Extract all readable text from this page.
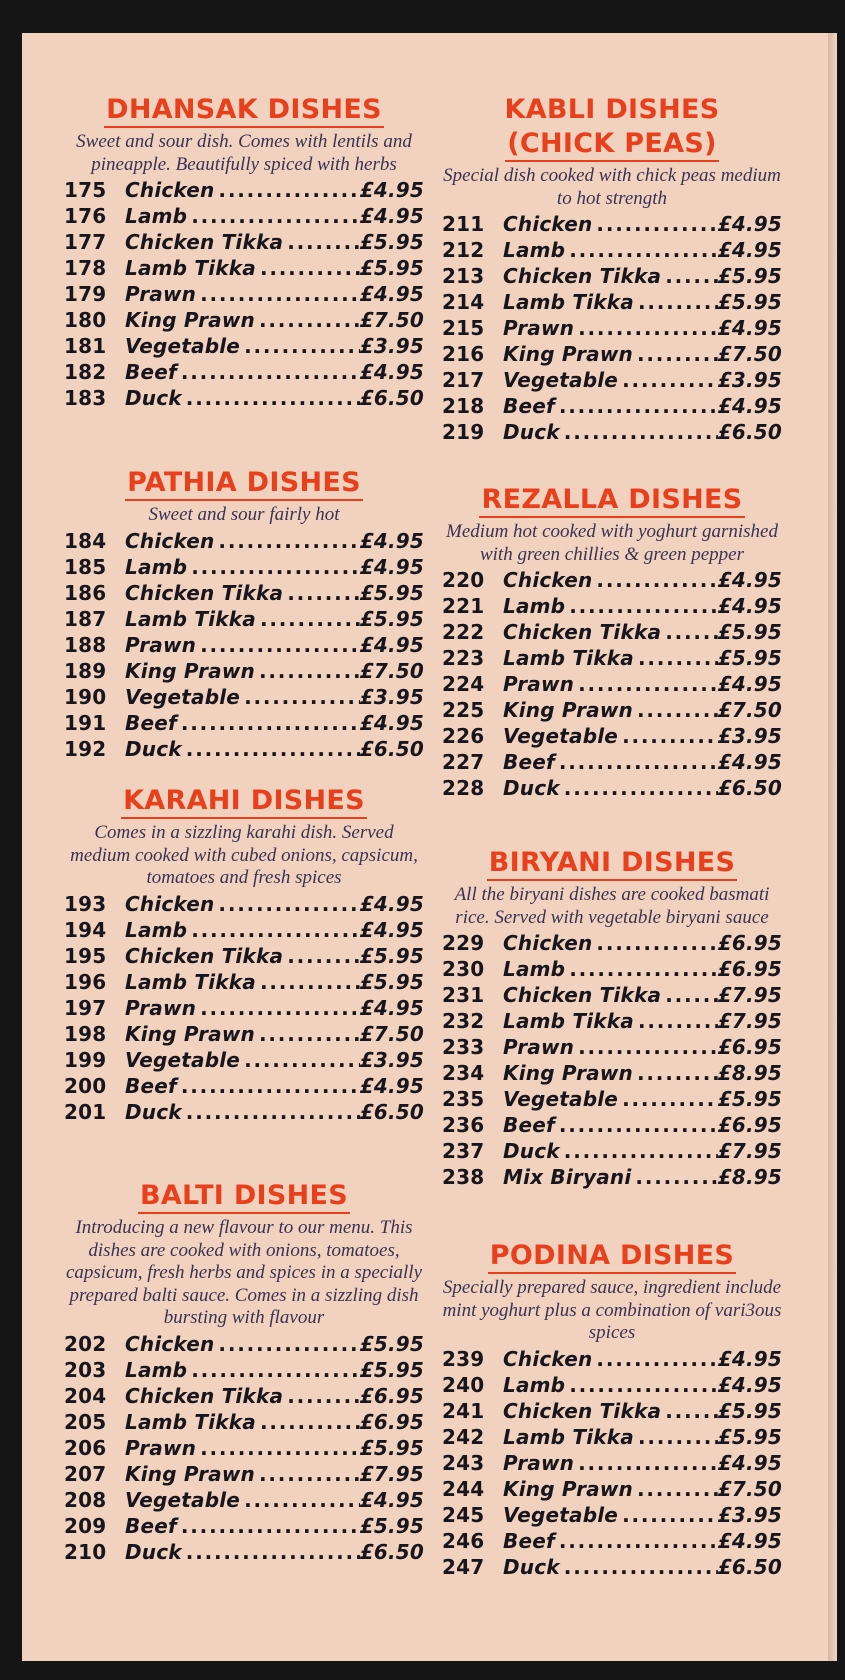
DHANSAK DISHES
Sweet and sour dish. Comes with lentils and pineapple. Beautifully spiced with herbs
175 Chicken .....	£4.95
176 Lamb .....	£4.95
177 Chicken Tikka .....	£5.95
178 Lamb Tikka .....	£5.95
179 Prawn .....	£4.95
180 King Prawn .....	£7.50
181 Vegetable .....	£3.95
182 Beef .....	£4.95
183 Duck .....	£6.50
PATHIA DISHES
Sweet and sour fairly hot
184 Chicken .....	£4.95
185 Lamb .....	£4.95
186 Chicken Tikka .....	£5.95
187 Lamb Tikka .....	£5.95
188 Prawn .....	£4.95
189 King Prawn .....	£7.50
190 Vegetable .....	£3.95
191 Beef .....	£4.95
192 Duck .....	£6.50
KARAHI DISHES
Comes in a sizzling karahi dish. Served medium cooked with cubed onions, capsicum, tomatoes and fresh spices
193 Chicken .....	£4.95
194 Lamb .....	£4.95
195 Chicken Tikka .....	£5.95
196 Lamb Tikka .....	£5.95
197 Prawn .....	£4.95
198 King Prawn .....	£7.50
199 Vegetable .....	£3.95
200 Beef .....	£4.95
201 Duck .....	£6.50
BALTI DISHES
Introducing a new flavour to our menu. This dishes are cooked with onions, tomatoes, capsicum, fresh herbs and spices in a specially prepared balti sauce. Comes in a sizzling dish bursting with flavour
202 Chicken .....	£5.95
203 Lamb .....	£5.95
204 Chicken Tikka .....	£6.95
205 Lamb Tikka .....	£6.95
206 Prawn .....	£5.95
207 King Prawn .....	£7.95
208 Vegetable .....	£4.95
209 Beef .....	£5.95
210 Duck .....	£6.50
KABLI DISHES
(CHICK PEAS)
Special dish cooked with chick peas medium to hot strength
211 Chicken .....	£4.95
212 Lamb .....	£4.95
213 Chicken Tikka .....	£5.95
214 Lamb Tikka .....	£5.95
215 Prawn .....	£4.95
216 King Prawn .....	£7.50
217 Vegetable .....	£3.95
218 Beef .....	£4.95
219 Duck .....	£6.50
REZALLA DISHES
Medium hot cooked with yoghurt garnished with green chillies & green pepper
220 Chicken .....	£4.95
221 Lamb .....	£4.95
222 Chicken Tikka .....	£5.95
223 Lamb Tikka .....	£5.95
224 Prawn .....	£4.95
225 King Prawn .....	£7.50
226 Vegetable .....	£3.95
227 Beef .....	£4.95
228 Duck .....	£6.50
BIRYANI DISHES
All the biryani dishes are cooked basmati rice. Served with vegetable biryani sauce
229 Chicken .....	£6.95
230 Lamb .....	£6.95
231 Chicken Tikka .....	£7.95
232 Lamb Tikka .....	£7.95
233 Prawn .....	£6.95
234 King Prawn .....	£8.95
235 Vegetable .....	£5.95
236 Beef .....	£6.95
237 Duck .....	£7.95
238 Mix Biryani .....	£8.95
PODINA DISHES
Specially prepared sauce, ingredient include mint yoghurt plus a combination of vari3ous spices
239 Chicken .....	£4.95
240 Lamb .....	£4.95
241 Chicken Tikka .....	£5.95
242 Lamb Tikka .....	£5.95
243 Prawn .....	£4.95
244 King Prawn .....	£7.50
245 Vegetable .....	£3.95
246 Beef .....	£4.95
247 Duck .....	£6.50
